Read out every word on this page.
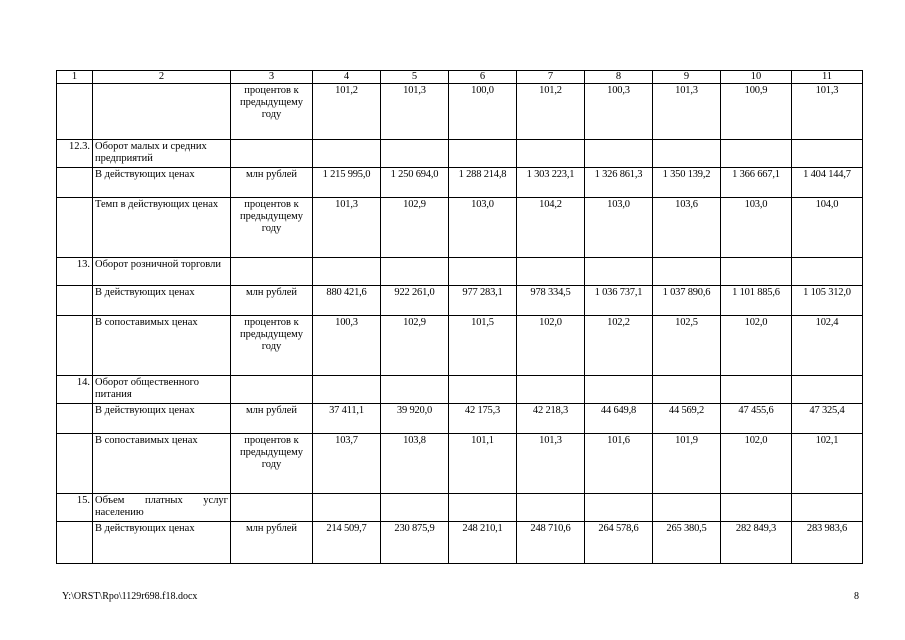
1	2	3	4	5	6	7	8	9	10	11
		процентов к предыдущему году	101,2	101,3	100,0	101,2	100,3	101,3	100,9	101,3
12.3.	Оборот малых и средних предприятий									
	В действующих ценах	млн рублей	1 215 995,0	1 250 694,0	1 288 214,8	1 303 223,1	1 326 861,3	1 350 139,2	1 366 667,1	1 404 144,7
	Темп в действующих ценах	процентов к предыдущему году	101,3	102,9	103,0	104,2	103,0	103,6	103,0	104,0
13.	Оборот розничной торговли									
	В действующих ценах	млн рублей	880 421,6	922 261,0	977 283,1	978 334,5	1 036 737,1	1 037 890,6	1 101 885,6	1 105 312,0
	В сопоставимых ценах	процентов к предыдущему году	100,3	102,9	101,5	102,0	102,2	102,5	102,0	102,4
14.	Оборот общественного питания									
	В действующих ценах	млн рублей	37 411,1	39 920,0	42 175,3	42 218,3	44 649,8	44 569,2	47 455,6	47 325,4
	В сопоставимых ценах	процентов к предыдущему году	103,7	103,8	101,1	101,3	101,6	101,9	102,0	102,1
15.	Объем платных услуг населению									
	В действующих ценах	млн рублей	214 509,7	230 875,9	248 210,1	248 710,6	264 578,6	265 380,5	282 849,3	283 983,6
Y:\ORST\Rpo\1129r698.f18.docx	8
